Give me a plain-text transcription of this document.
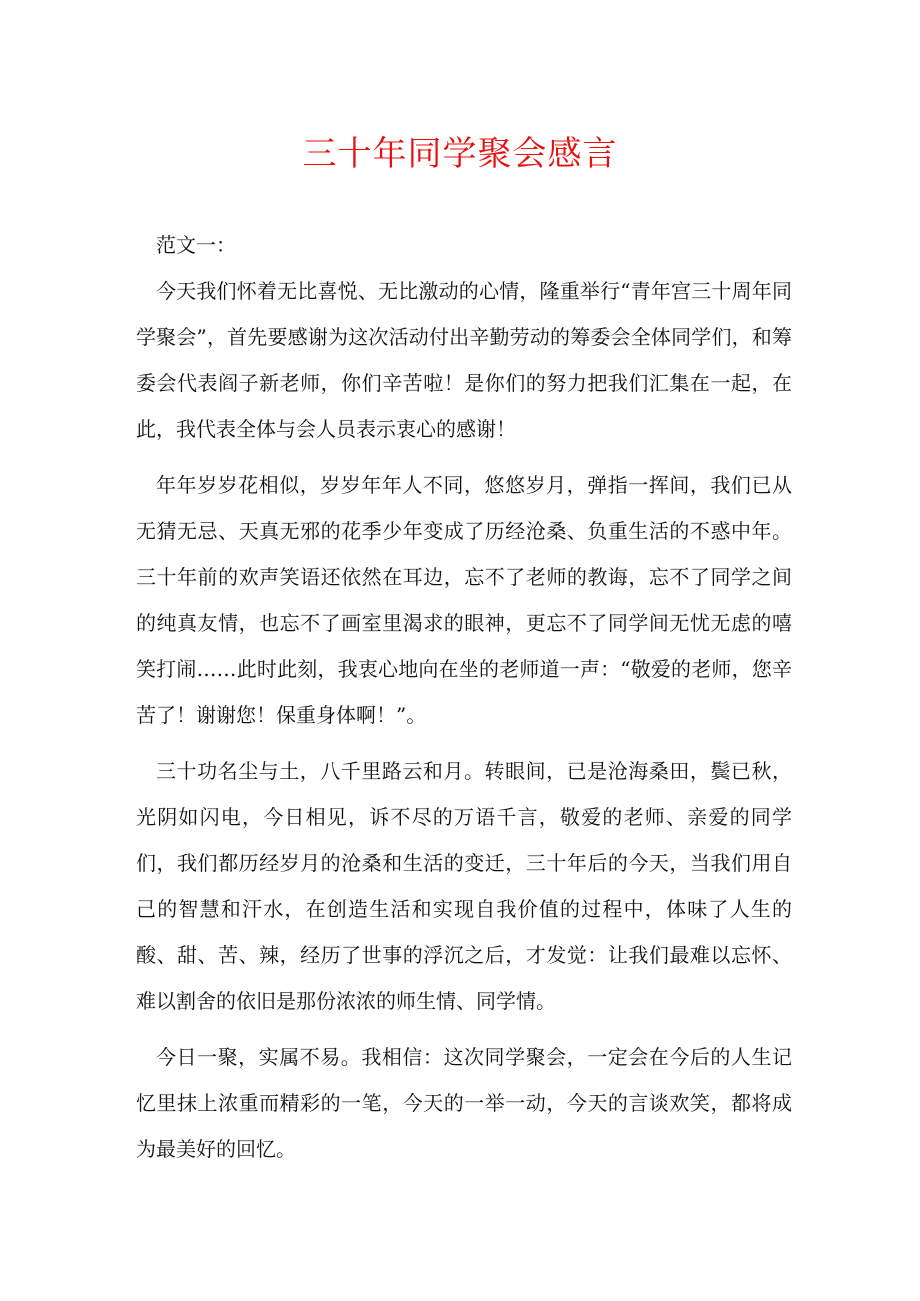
三十年同学聚会感言

范文一：

今天我们怀着无比喜悦、无比激动的心情，隆重举行“青年宫三十周年同学聚会”，首先要感谢为这次活动付出辛勤劳动的筹委会全体同学们，和筹委会代表阎子新老师，你们辛苦啦！是你们的努力把我们汇集在一起，在此，我代表全体与会人员表示衷心的感谢！

年年岁岁花相似，岁岁年年人不同，悠悠岁月，弹指一挥间，我们已从无猜无忌、天真无邪的花季少年变成了历经沧桑、负重生活的不惑中年。三十年前的欢声笑语还依然在耳边，忘不了老师的教诲，忘不了同学之间的纯真友情，也忘不了画室里渴求的眼神，更忘不了同学间无忧无虑的嘻笑打闹……此时此刻，我衷心地向在坐的老师道一声：“敬爱的老师，您辛苦了！谢谢您！保重身体啊！”。

三十功名尘与土，八千里路云和月。转眼间，已是沧海桑田，鬓已秋，光阴如闪电，今日相见，诉不尽的万语千言，敬爱的老师、亲爱的同学们，我们都历经岁月的沧桑和生活的变迁，三十年后的今天，当我们用自己的智慧和汗水，在创造生活和实现自我价值的过程中，体味了人生的酸、甜、苦、辣，经历了世事的浮沉之后，才发觉：让我们最难以忘怀、难以割舍的依旧是那份浓浓的师生情、同学情。

今日一聚，实属不易。我相信：这次同学聚会，一定会在今后的人生记忆里抹上浓重而精彩的一笔，今天的一举一动，今天的言谈欢笑，都将成为最美好的回忆。
